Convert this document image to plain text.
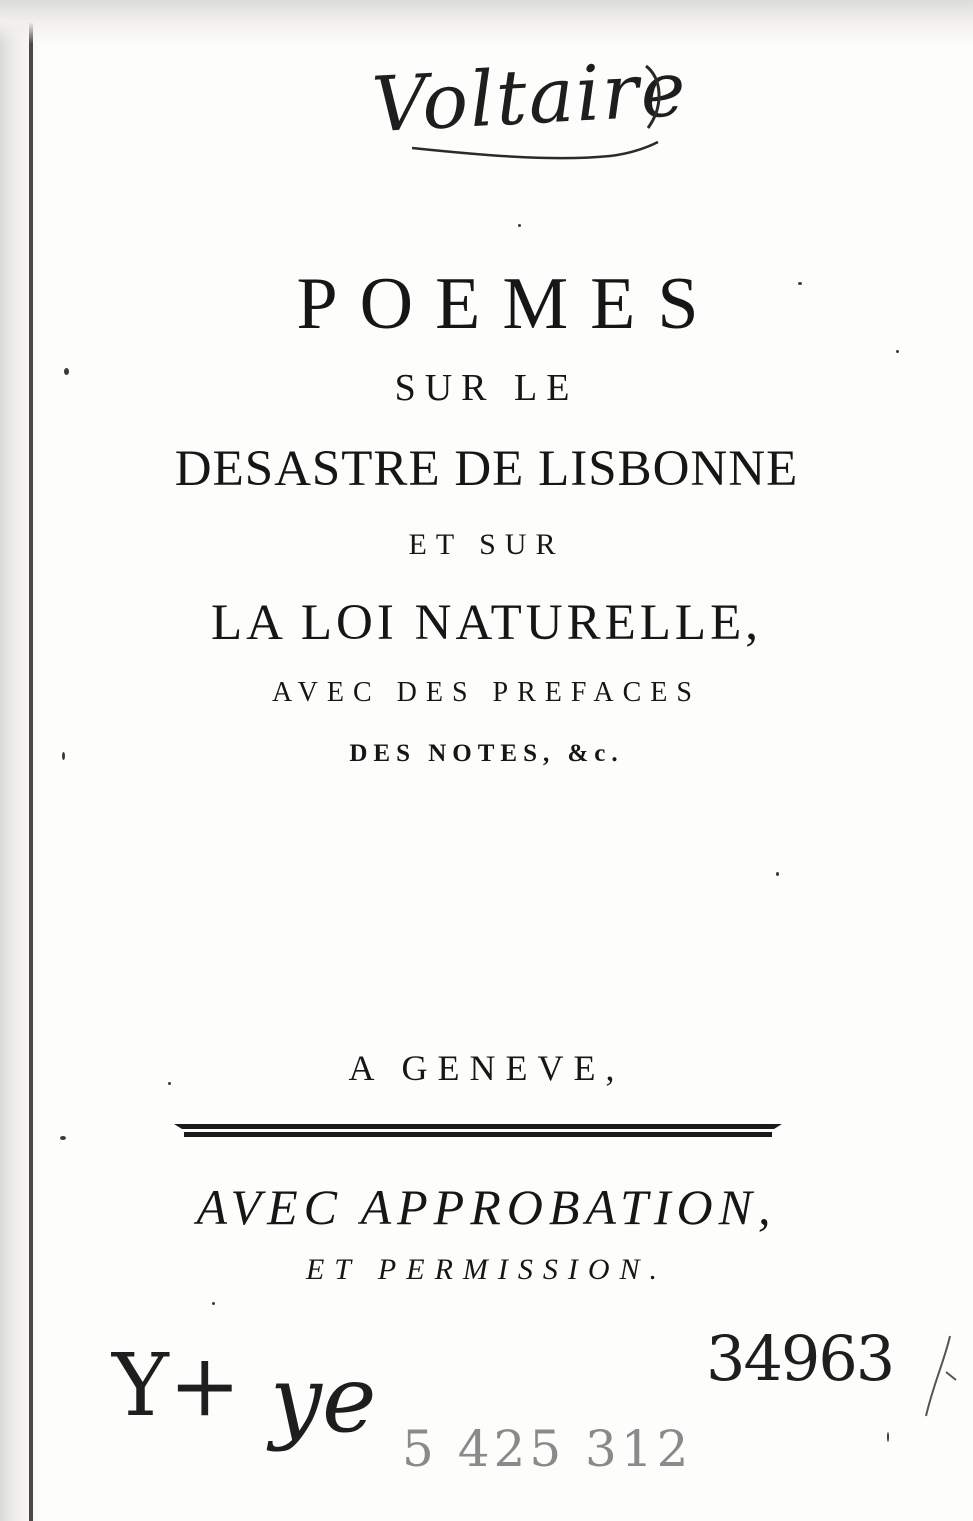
Voltaire
POEMES

SUR LE

DESASTRE DE LISBONNE

ET SUR

LA LOI NATURELLE,

AVEC DES PREFACES

DES NOTES, &c.

A GENEVE,

AVEC APPROBATION,

ET PERMISSION.

Y+ ye	34963
5 425 312
